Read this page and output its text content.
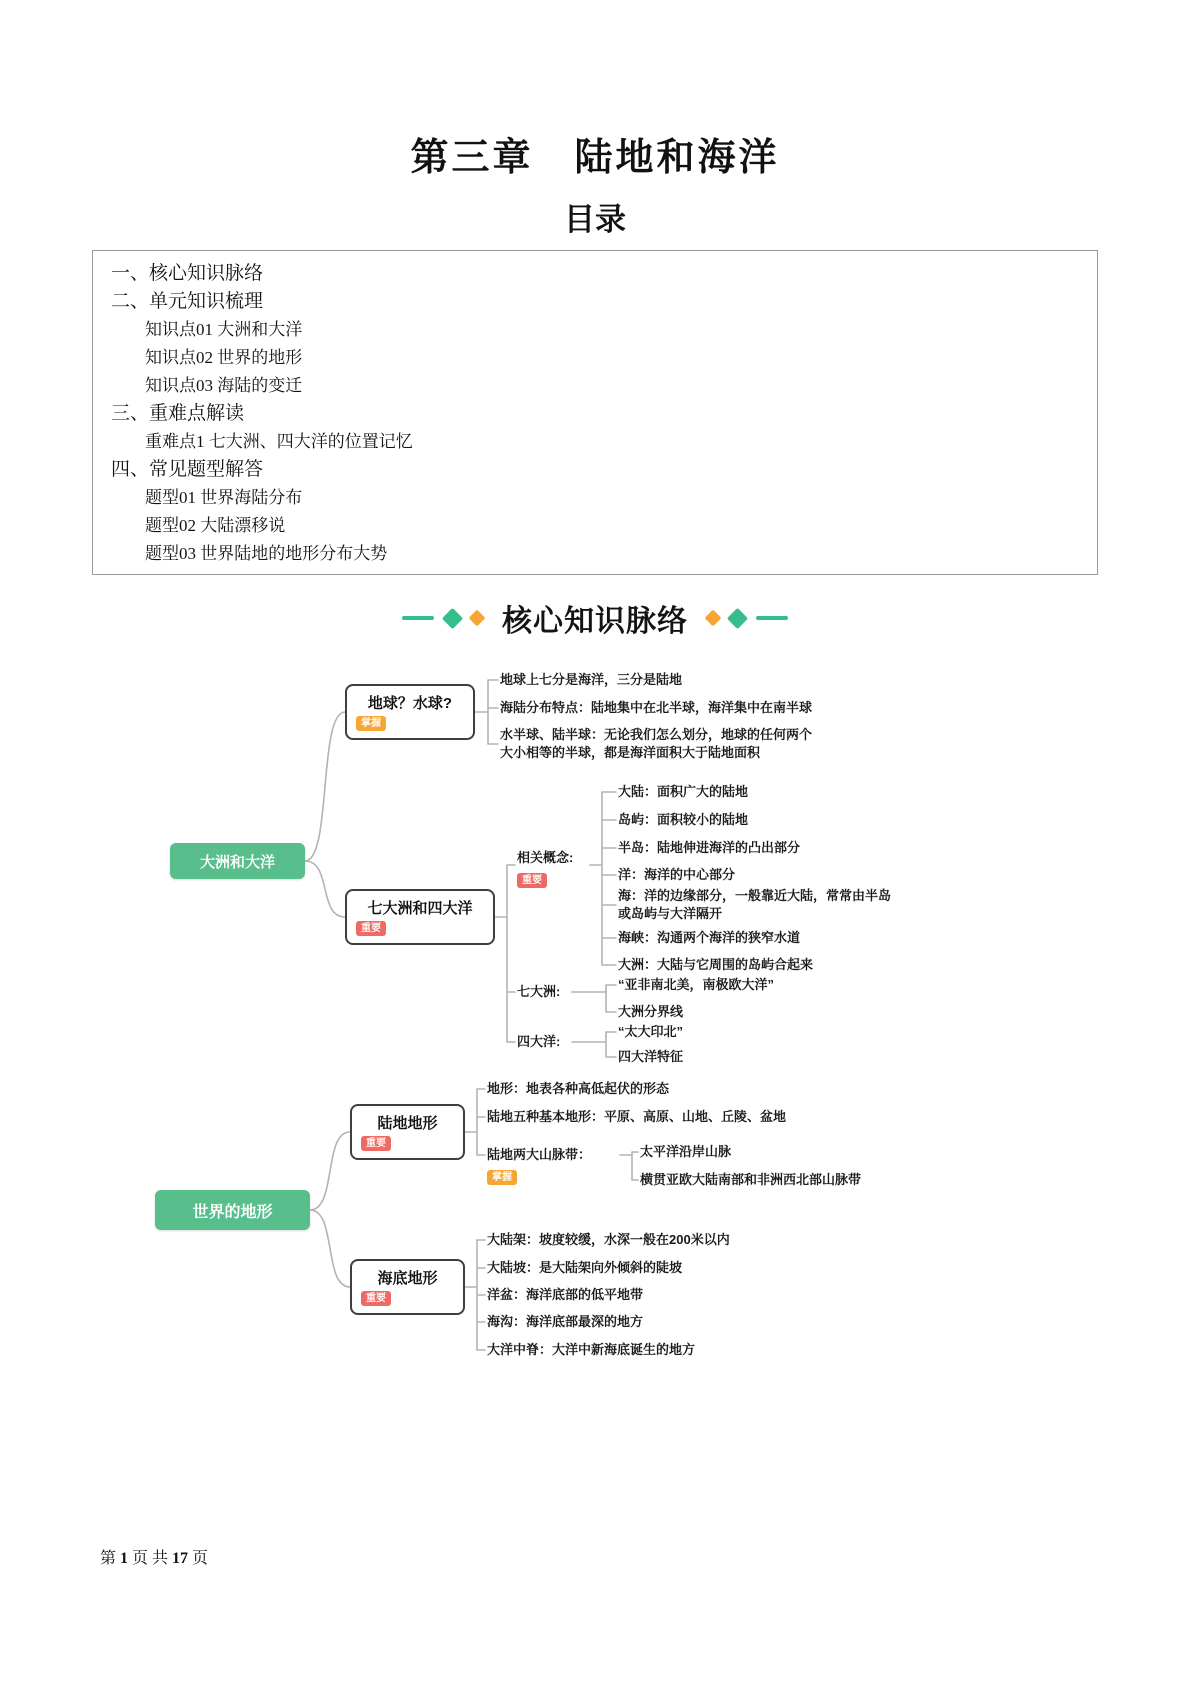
第三章　陆地和海洋
目录
一、核心知识脉络
二、单元知识梳理
知识点01 大洲和大洋
知识点02 世界的地形
知识点03 海陆的变迁
三、重难点解读
重难点1 七大洲、四大洋的位置记忆
四、常见题型解答
题型01 世界海陆分布
题型02 大陆漂移说
题型03 世界陆地的地形分布大势
核心知识脉络
大洲和大洋
世界的地形
地球？水球?
掌握
地球上七分是海洋，三分是陆地
海陆分布特点：陆地集中在北半球，海洋集中在南半球
水半球、陆半球：无论我们怎么划分，地球的任何两个大小相等的半球，都是海洋面积大于陆地面积
七大洲和四大洋
重要
相关概念:
重要
大陆：面积广大的陆地
岛屿：面积较小的陆地
半岛：陆地伸进海洋的凸出部分
洋：海洋的中心部分
海：洋的边缘部分，一般靠近大陆，常常由半岛或岛屿与大洋隔开
海峡：沟通两个海洋的狭窄水道
大洲：大陆与它周围的岛屿合起来
七大洲:	“亚非南北美，南极欧大洋”
大洲分界线
四大洋:
“太大印北”
四大洋特征
陆地地形
重要
地形：地表各种高低起伏的形态
陆地五种基本地形：平原、高原、山地、丘陵、盆地
陆地两大山脉带：
掌握
太平洋沿岸山脉
横贯亚欧大陆南部和非洲西北部山脉带
海底地形
重要
大陆架：坡度较缓，水深一般在200米以内
大陆坡：是大陆架向外倾斜的陡坡
洋盆：海洋底部的低平地带
海沟：海洋底部最深的地方
大洋中脊：大洋中新海底诞生的地方
第 1 页 共 17 页
